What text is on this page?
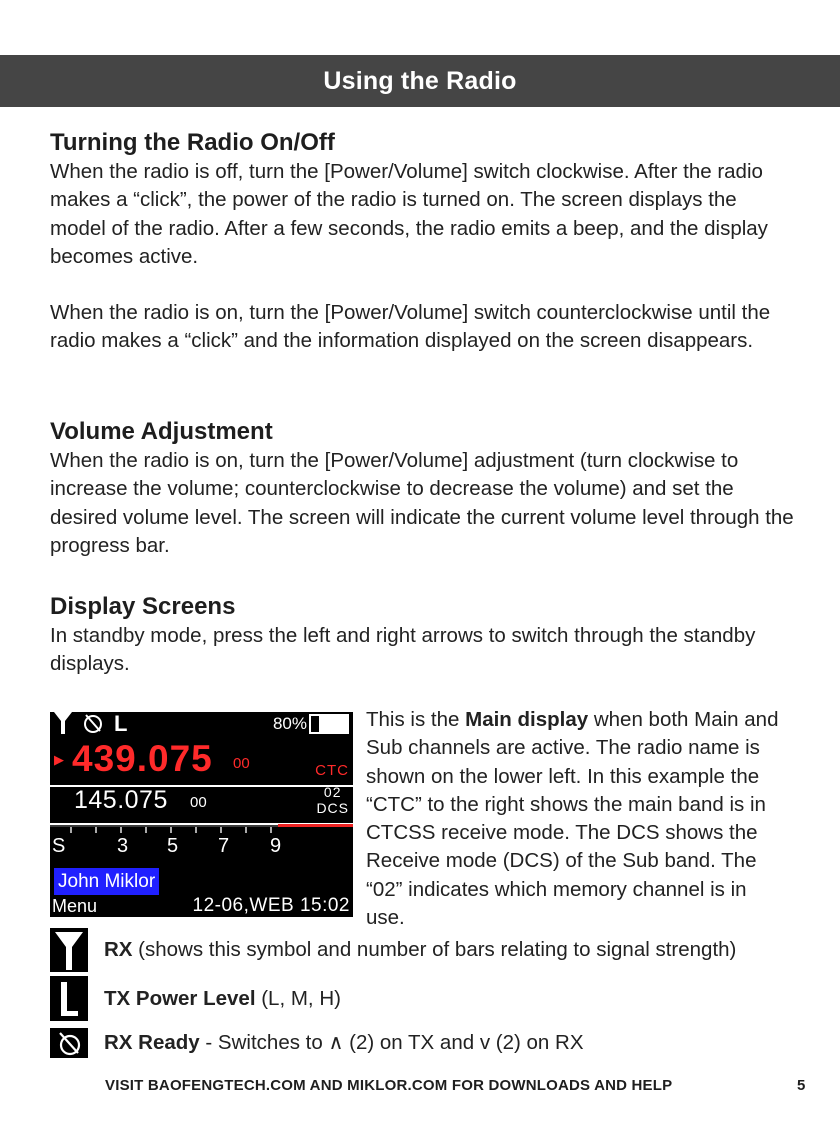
Using the Radio
Turning the Radio On/Off

When the radio is off, turn the [Power/Volume] switch clockwise. After the radio makes a “click”, the power of the radio is turned on. The screen displays the model of the radio. After a few seconds, the radio emits a beep, and the display becomes active.

When the radio is on, turn the [Power/Volume] switch counterclockwise until the radio makes a “click” and the information displayed on the screen disappears.

Volume Adjustment

When the radio is on, turn the [Power/Volume] adjustment (turn clockwise to increase the volume; counterclockwise to decrease the volume) and set the desired volume level. The screen will indicate the current volume level through the progress bar.

Display Screens

In standby mode, press the left and right arrows to switch through the standby displays.

L	80%
▶ 439.075 00	CTC
145.075 00
02
DCS
S	3 5 7 9
John Miklor
Menu	12-06,WEB 15:02
This is the Main display when both Main and Sub channels are active. The radio name is shown on the lower left. In this example the “CTC” to the right shows the main band is in CTCSS receive mode. The DCS shows the Receive mode (DCS) of the Sub band. The “02” indicates which memory channel is in use.
RX (shows this symbol and number of bars relating to signal strength)
TX Power Level (L, M, H)
RX Ready - Switches to ∧ (2) on TX and v (2) on RX
VISIT BAOFENGTECH.COM AND MIKLOR.COM FOR DOWNLOADS AND HELP	5
